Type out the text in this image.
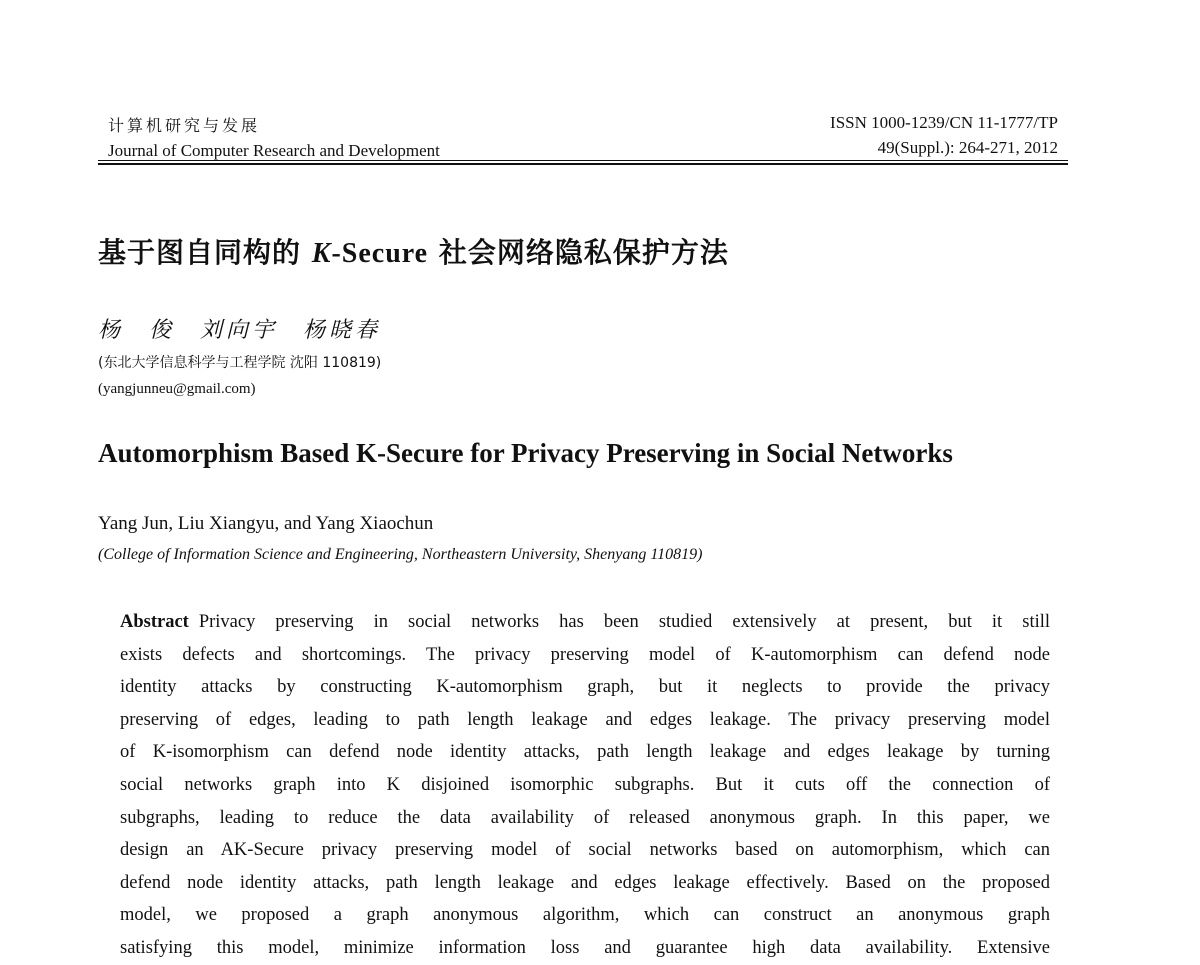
计算机研究与发展
Journal of Computer Research and Development
ISSN 1000-1239/CN 11-1777/TP
49(Suppl.): 264-271, 2012
基于图自同构的 K-Secure 社会网络隐私保护方法
杨 俊 刘向宇 杨晓春
(东北大学信息科学与工程学院 沈阳 110819)
(yangjunneu@gmail.com)
Automorphism Based K-Secure for Privacy Preserving in Social Networks
Yang Jun, Liu Xiangyu, and Yang Xiaochun
(College of Information Science and Engineering, Northeastern University, Shenyang 110819)
Abstract Privacy preserving in social networks has been studied extensively at present, but it still
exists defects and shortcomings. The privacy preserving model of K-automorphism can defend node
identity attacks by constructing K-automorphism graph, but it neglects to provide the privacy
preserving of edges, leading to path length leakage and edges leakage. The privacy preserving model
of K-isomorphism can defend node identity attacks, path length leakage and edges leakage by turning
social networks graph into K disjoined isomorphic subgraphs. But it cuts off the connection of
subgraphs, leading to reduce the data availability of released anonymous graph. In this paper, we
design an AK-Secure privacy preserving model of social networks based on automorphism, which can
defend node identity attacks, path length leakage and edges leakage effectively. Based on the proposed
model, we proposed a graph anonymous algorithm, which can construct an anonymous graph
satisfying this model, minimize information loss and guarantee high data availability. Extensive
